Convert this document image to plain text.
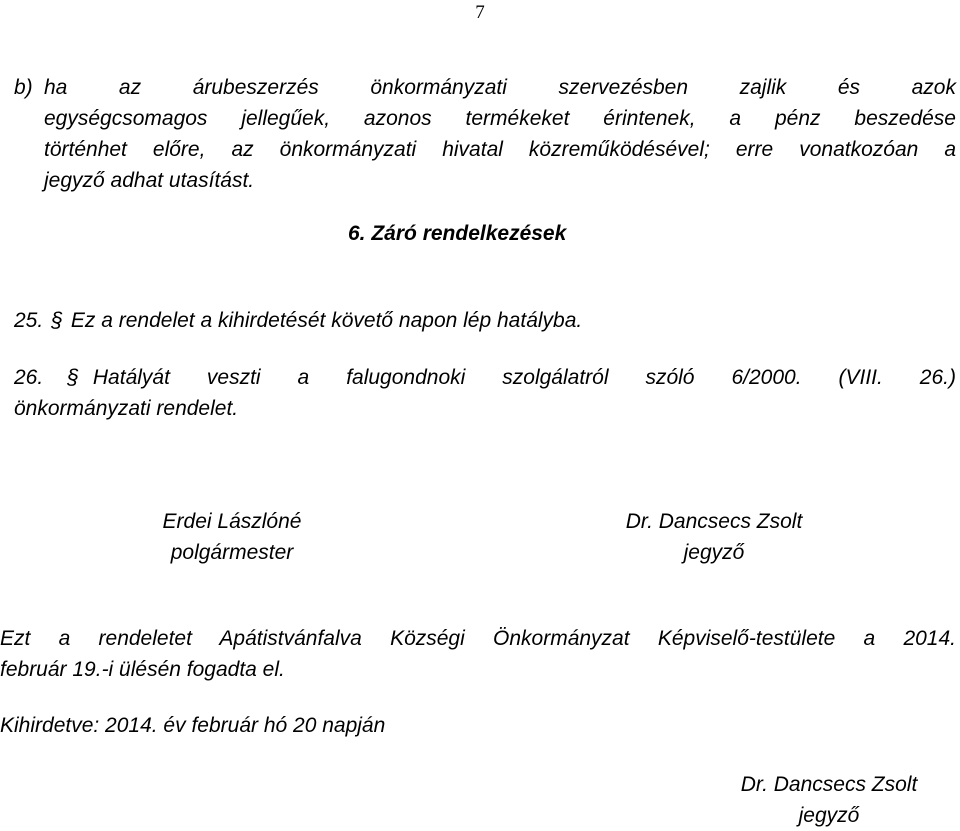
7
b) ha az árubeszerzés önkormányzati szervezésben zajlik és azok
egységcsomagos jellegűek, azonos termékeket érintenek, a pénz beszedése
történhet előre, az önkormányzati hivatal közreműködésével; erre vonatkozóan a
jegyző adhat utasítást.
6. Záró rendelkezések
25. § Ez a rendelet a kihirdetését követő napon lép hatályba.
26. § Hatályát veszti a falugondnoki szolgálatról szóló 6/2000. (VIII. 26.)
önkormányzati rendelet.
Erdei Lászlóné
polgármester
Dr. Dancsecs Zsolt
jegyző
Ezt a rendeletet Apátistvánfalva Községi Önkormányzat Képviselő-testülete a 2014.
február 19.-i ülésén fogadta el.
Kihirdetve: 2014. év február hó 20 napján
Dr. Dancsecs Zsolt
jegyző
